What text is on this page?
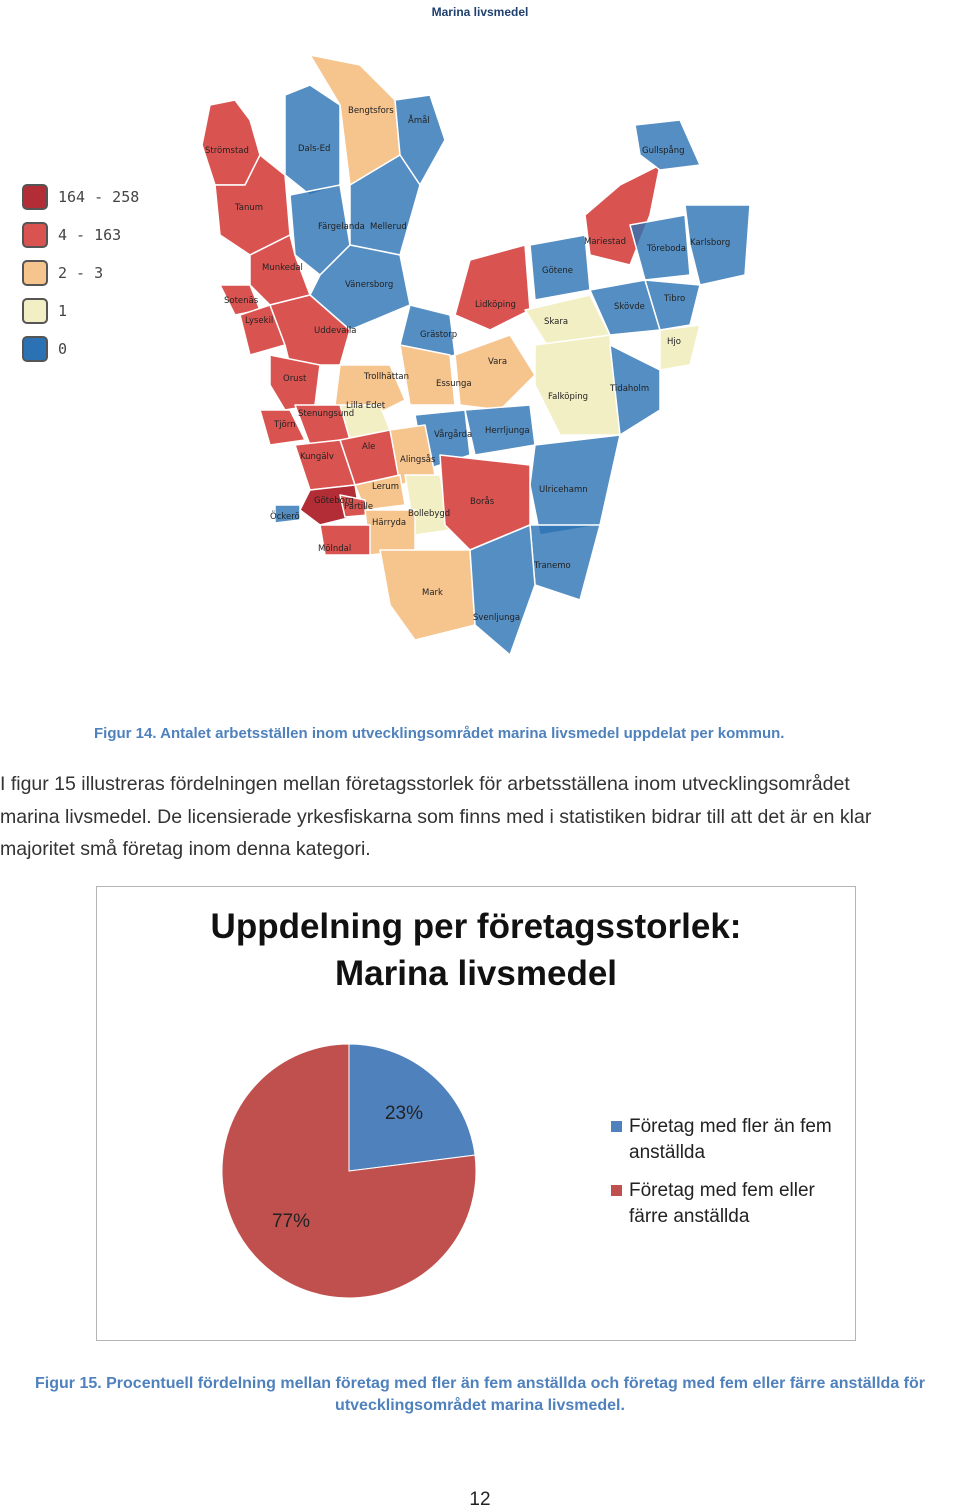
Marina livsmedel
164 - 258
4 - 163
2 - 3
1
0
Strömstad	Dals-Ed
Bengtsfors
Åmål
Tanum
Färgelanda Mellerud
Munkedal
Vänersborg
Sotenäs
Lysekil
Uddevalla	Grästorp
Lidköping
Götene
Mariestad
Töreboda
Karlsborg
Gullspång
Skara
Skövde
Tibro
Hjo
Orust	Trollhättan
Essunga
Vara
Falköping
Tidaholm
Lilla Edet
Stenungsund
Tjörn
Ale
Vårgårda Herrljunga
Kungälv	Alingsås
Lerum	Ulricehamn
Göteborg
Partille
Öckerö	Bollebygd
Borås
Härryda
Mölndal
Tranemo
Mark
Svenljunga
Figur 14. Antalet arbetsställen inom utvecklingsområdet marina livsmedel uppdelat per kommun.
I figur 15 illustreras fördelningen mellan företagsstorlek för arbetsställena inom utvecklingsområdet
marina livsmedel. De licensierade yrkesfiskarna som finns med i statistiken bidrar till att det är en klar
majoritet små företag inom denna kategori.
Uppdelning per företagsstorlek:
Marina livsmedel
23%
77%
Företag med fler än fem anställda
Företag med fem eller färre anställda
Figur 15. Procentuell fördelning mellan företag med fler än fem anställda och företag med fem eller färre anställda för
utvecklingsområdet marina livsmedel.
12
